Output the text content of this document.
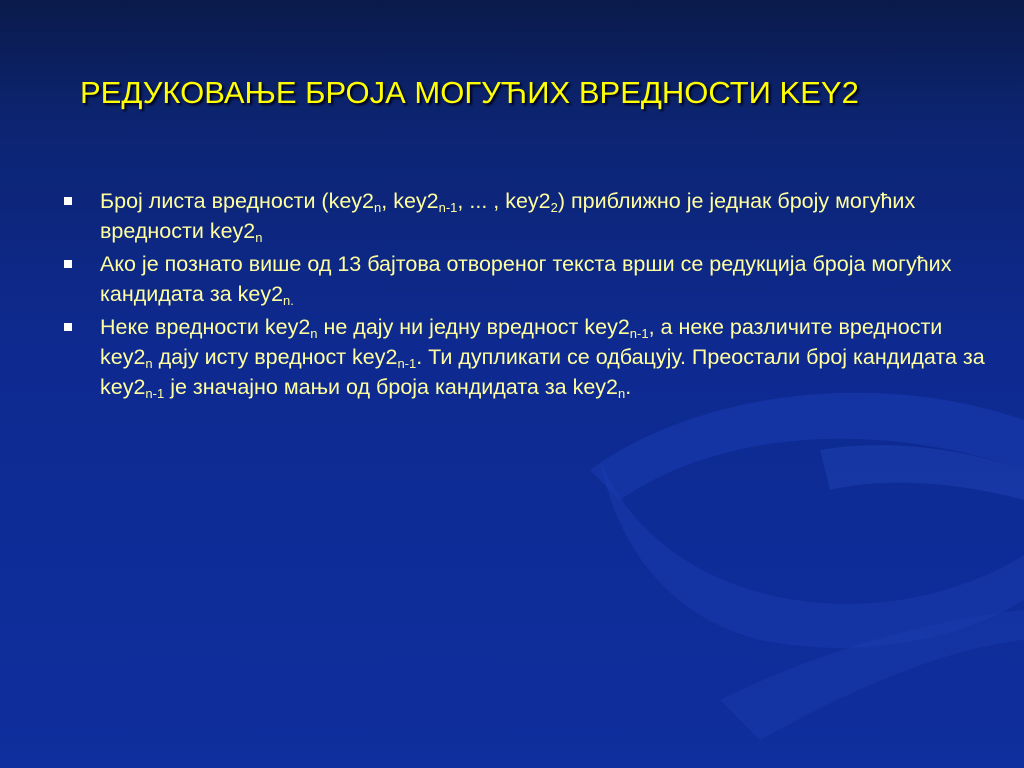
РЕДУКОВАЊЕ БРОЈА МОГУЋИХ ВРЕДНОСТИ KEY2
Број листа вредности ($key2_n$, $key2_{n-1}$, ... , $key2_2$) приближно је једнак броју могућих вредности $key2_n$
Ако је познато више од 13 бајтова отвореног текста врши се редукција броја могућих кандидата за $key2_{n.}$
Неке вредности $key2_n$ не дају ни једну вредност $key2_{n-1}$, а неке различите вредности $key2_n$ дају исту вредност $key2_{n-1}$. Ти дупликати се одбацују. Преостали број кандидата за $key2_{n-1}$ је значајно мањи од броја кандидата за $key2_n$.
